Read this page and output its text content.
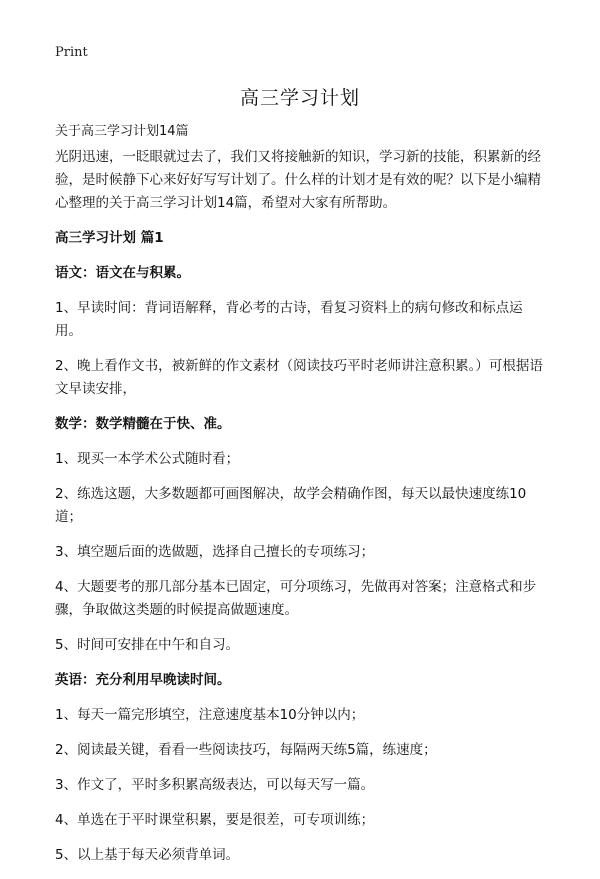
Print
高三学习计划
关于高三学习计划14篇

光阴迅速，一眨眼就过去了，我们又将接触新的知识，学习新的技能，积累新的经验，是时候静下心来好好写写计划了。什么样的计划才是有效的呢？以下是小编精心整理的关于高三学习计划14篇，希望对大家有所帮助。

高三学习计划 篇1

语文：语文在与积累。

1、早读时间：背词语解释，背必考的古诗，看复习资料上的病句修改和标点运用。

2、晚上看作文书，被新鲜的作文素材（阅读技巧平时老师讲注意积累。）可根据语文早读安排，

数学：数学精髓在于快、准。

1、现买一本学术公式随时看；

2、练选这题，大多数题都可画图解决，故学会精确作图，每天以最快速度练10道；

3、填空题后面的选做题，选择自己擅长的专项练习；

4、大题要考的那几部分基本已固定，可分项练习，先做再对答案；注意格式和步骤，争取做这类题的时候提高做题速度。

5、时间可安排在中午和自习。

英语：充分利用早晚读时间。

1、每天一篇完形填空，注意速度基本10分钟以内；

2、阅读最关键，看看一些阅读技巧，每隔两天练5篇，练速度；

3、作文了，平时多积累高级表达，可以每天写一篇。

4、单选在于平时课堂积累，要是很差，可专项训练；

5、以上基于每天必须背单词。
